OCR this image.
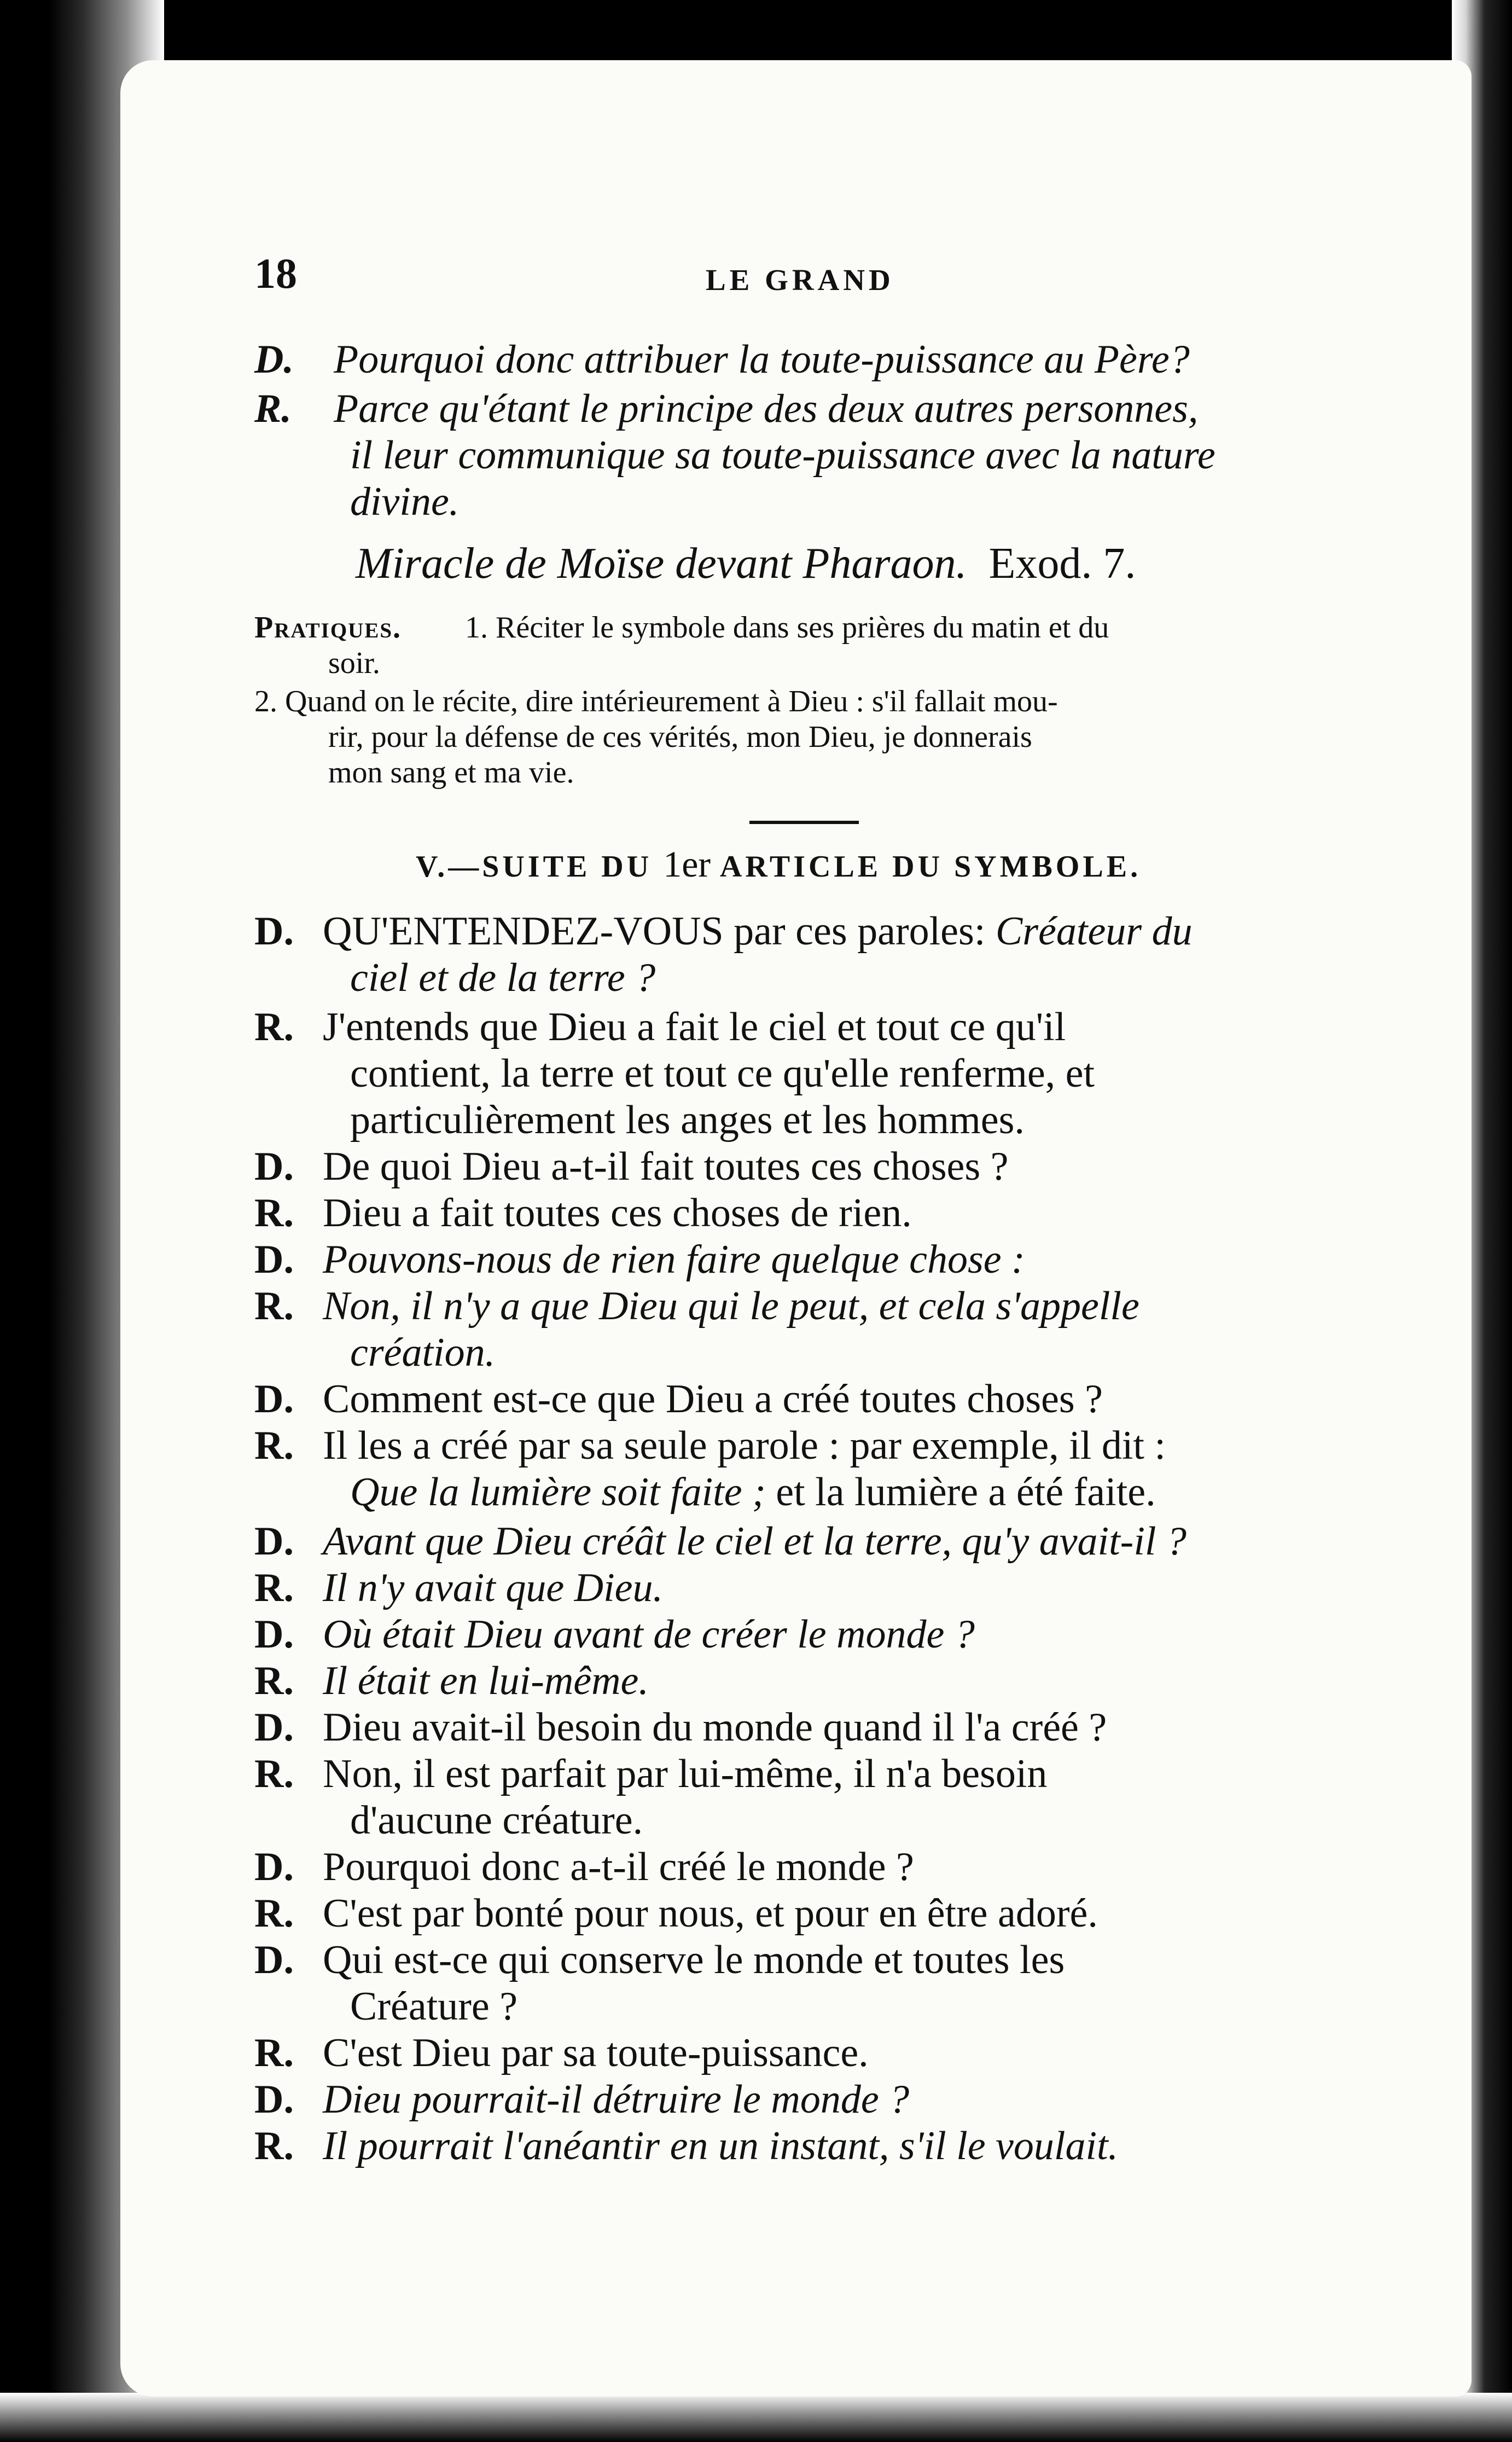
18	LE GRAND
D. Pourquoi donc attribuer la toute-puissance au Père?
R. Parce qu'étant le principe des deux autres personnes,
il leur communique sa toute-puissance avec la nature
divine.
Miracle de Moïse devant Pharaon. Exod. 7.
Pratiques. 1. Réciter le symbole dans ses prières du matin et du
soir.
2. Quand on le récite, dire intérieurement à Dieu : s'il fallait mou-
rir, pour la défense de ces vérités, mon Dieu, je donnerais
mon sang et ma vie.
V.—SUITE DU 1er ARTICLE DU SYMBOLE.
D. QU'ENTENDEZ-VOUS par ces paroles: Créateur du
ciel et de la terre ?
R. J'entends que Dieu a fait le ciel et tout ce qu'il
contient, la terre et tout ce qu'elle renferme, et
particulièrement les anges et les hommes.
D. De quoi Dieu a-t-il fait toutes ces choses ?
R. Dieu a fait toutes ces choses de rien.
D. Pouvons-nous de rien faire quelque chose :
R. Non, il n'y a que Dieu qui le peut, et cela s'appelle
création.
D. Comment est-ce que Dieu a créé toutes choses ?
R. Il les a créé par sa seule parole : par exemple, il dit :
Que la lumière soit faite ; et la lumière a été faite.
D. Avant que Dieu créât le ciel et la terre, qu'y avait-il ?
R. Il n'y avait que Dieu.
D. Où était Dieu avant de créer le monde ?
R. Il était en lui-même.
D. Dieu avait-il besoin du monde quand il l'a créé ?
R. Non, il est parfait par lui-même, il n'a besoin
d'aucune créature.
D. Pourquoi donc a-t-il créé le monde ?
R. C'est par bonté pour nous, et pour en être adoré.
D. Qui est-ce qui conserve le monde et toutes les
Créature ?
R. C'est Dieu par sa toute-puissance.
D. Dieu pourrait-il détruire le monde ?
R. Il pourrait l'anéantir en un instant, s'il le voulait.
